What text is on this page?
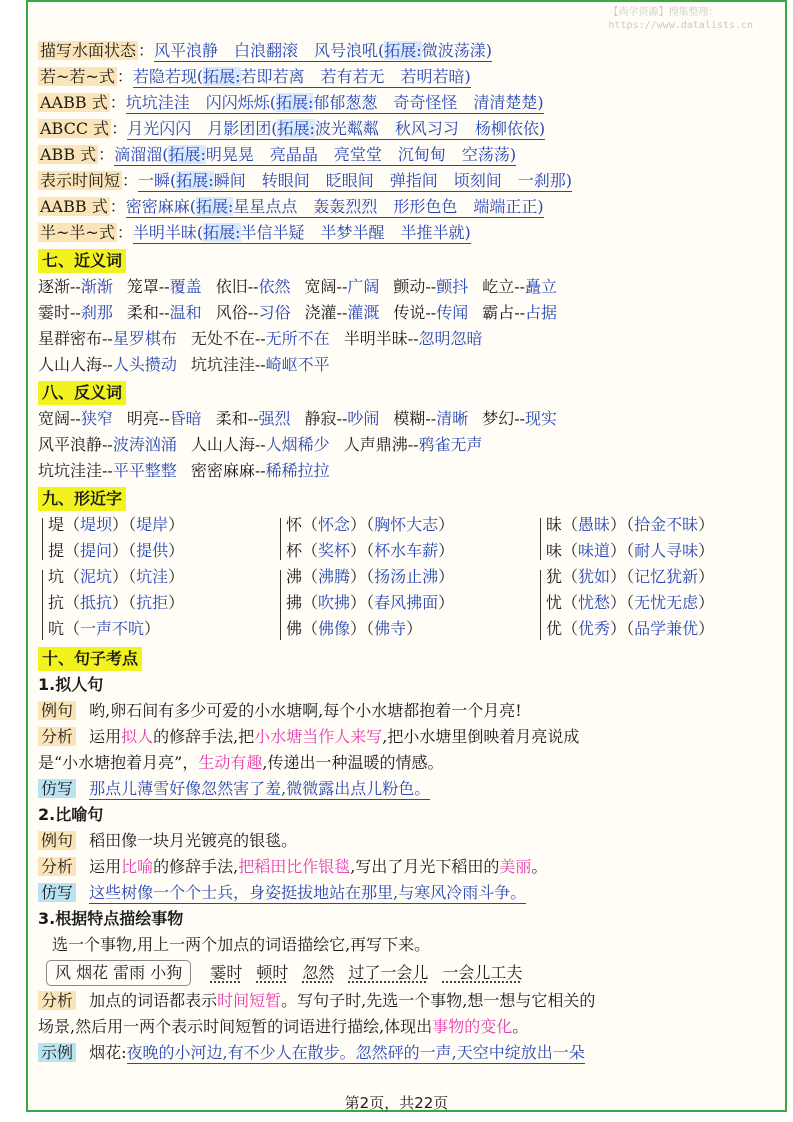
【尚学资源】搜集整理：
https://www.datalists.cn
描写水面状态 ：风平浪静　白浪翻滚　风号浪吼(拓展:微波荡漾)
若~若~式 ：若隐若现(拓展:若即若离　若有若无　若明若暗)
AABB 式 ：坑坑洼洼　闪闪烁烁(拓展:郁郁葱葱　奇奇怪怪　清清楚楚)
ABCC 式 ：月光闪闪　月影团团(拓展:波光粼粼　秋风习习　杨柳依依)
ABB 式 ：滴溜溜(拓展:明晃晃　亮晶晶　亮堂堂　沉甸甸　空荡荡)
表示时间短 ：一瞬(拓展:瞬间　转眼间　眨眼间　弹指间　顷刻间　一刹那)
AABB 式 ：密密麻麻(拓展:星星点点　轰轰烈烈　形形色色　端端正正)
半~半~式 ：半明半昧(拓展:半信半疑　半梦半醒　半推半就)
七、近义词
逐渐--渐渐 笼罩--覆盖 依旧--依然 宽阔--广阔 颤动--颤抖 屹立--矗立
霎时--刹那 柔和--温和 风俗--习俗 浇灌--灌溉 传说--传闻 霸占--占据
星群密布--星罗棋布 无处不在--无所不在 半明半昧--忽明忽暗
人山人海--人头攒动 坑坑洼洼--崎岖不平
八、反义词
宽阔--狭窄 明亮--昏暗 柔和--强烈 静寂--吵闹 模糊--清晰 梦幻--现实
风平浪静--波涛汹涌 人山人海--人烟稀少 人声鼎沸--鸦雀无声
坑坑洼洼--平平整整 密密麻麻--稀稀拉拉
九、形近字
堤（堤坝）（堤岸）
提（提问）（提供）
坑（泥坑）（坑洼）
抗（抵抗）（抗拒）
吭（一声不吭）
怀（怀念）（胸怀大志）
杯（奖杯）（杯水车薪）
沸（沸腾）（扬汤止沸）
拂（吹拂）（春风拂面）
佛（佛像）（佛寺）
昧（愚昧）（拾金不昧）
味（味道）（耐人寻味）
犹（犹如）（记忆犹新）
忧（忧愁）（无忧无虑）
优（优秀）（品学兼优）
十、句子考点
1.拟人句
例句 哟,卵石间有多少可爱的小水塘啊,每个小水塘都抱着一个月亮!
分析 运用拟人的修辞手法,把小水塘当作人来写,把小水塘里倒映着月亮说成
是“小水塘抱着月亮”，生动有趣,传递出一种温暖的情感。
仿写 那点儿薄雪好像忽然害了羞,微微露出点儿粉色。
2.比喻句
例句 稻田像一块月光镀亮的银毯。
分析 运用比喻的修辞手法,把稻田比作银毯,写出了月光下稻田的美丽。
仿写 这些树像一个个士兵，身姿挺拔地站在那里,与寒风冷雨斗争。
3.根据特点描绘事物
选一个事物,用上一两个加点的词语描绘它,再写下来。
风 烟花 雷雨 小狗 霎时 顿时 忽然 过了一会儿 一会儿工夫
分析 加点的词语都表示时间短暂。写句子时,先选一个事物,想一想与它相关的
场景,然后用一两个表示时间短暂的词语进行描绘,体现出事物的变化。
示例 烟花:夜晚的小河边,有不少人在散步。忽然砰的一声,天空中绽放出一朵
第2页，共22页
